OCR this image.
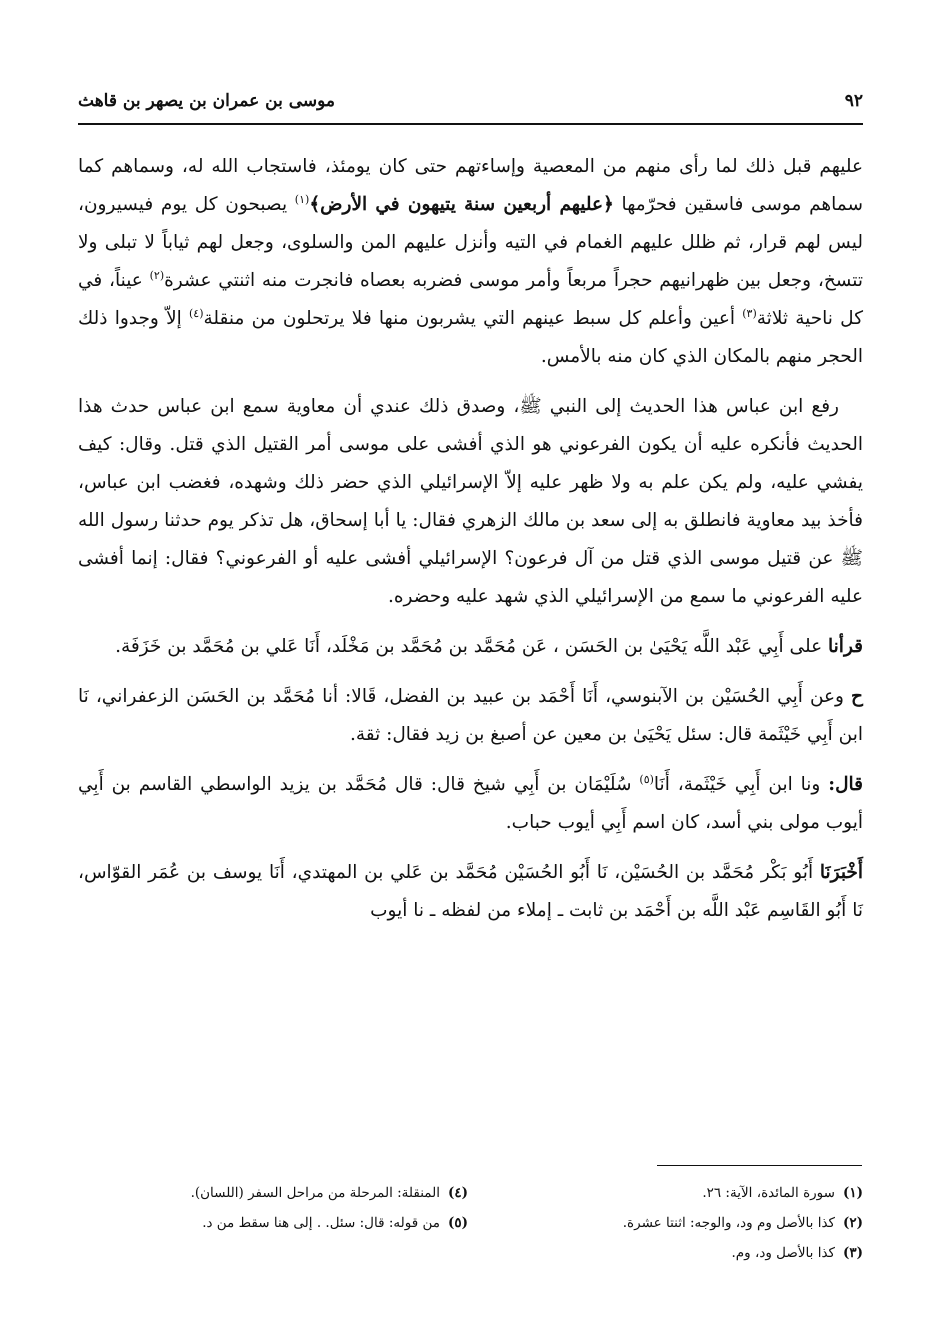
٩٢
موسى بن عمران بن يصهر بن قاهث

عليهم قبل ذلك لما رأى منهم من المعصية وإساءتهم حتى كان يومئذ، فاستجاب الله له، وسماهم كما سماهم موسى فاسقين فحرّمها ﴿عليهم أربعين سنة يتيهون في الأرض﴾$^{(١)}$ يصبحون كل يوم فيسيرون، ليس لهم قرار، ثم ظلل عليهم الغمام في التيه وأنزل عليهم المن والسلوى، وجعل لهم ثياباً لا تبلى ولا تتسخ، وجعل بين ظهرانيهم حجراً مربعاً وأمر موسى فضربه بعصاه فانجرت منه اثنتي عشرة$^{(٢)}$ عيناً، في كل ناحية ثلاثة$^{(٣)}$ أعين وأعلم كل سبط عينهم التي يشربون منها فلا يرتحلون من منقلة$^{(٤)}$ إلاّ وجدوا ذلك الحجر منهم بالمكان الذي كان منه بالأمس.

رفع ابن عباس هذا الحديث إلى النبي ﷺ، وصدق ذلك عندي أن معاوية سمع ابن عباس حدث هذا الحديث فأنكره عليه أن يكون الفرعوني هو الذي أفشى على موسى أمر القتيل الذي قتل. وقال: كيف يفشي عليه، ولم يكن علم به ولا ظهر عليه إلاّ الإسرائيلي الذي حضر ذلك وشهده، فغضب ابن عباس، فأخذ بيد معاوية فانطلق به إلى سعد بن مالك الزهري فقال: يا أبا إسحاق، هل تذكر يوم حدثنا رسول الله ﷺ عن قتيل موسى الذي قتل من آل فرعون؟ الإسرائيلي أفشى عليه أو الفرعوني؟ فقال: إنما أفشى عليه الفرعوني ما سمع من الإسرائيلي الذي شهد عليه وحضره.

قرأنا على أَبِي عَبْد اللَّه يَحْيَىٰ بن الحَسَن ، عَن مُحَمَّد بن مُحَمَّد بن مَخْلَد، أَنَا عَلي بن مُحَمَّد بن خَزَفَة.

ح وعن أَبِي الحُسَيْن بن الآبنوسي، أَنَا أَحْمَد بن عبيد بن الفضل، قَالا: أنا مُحَمَّد بن الحَسَن الزعفراني، نَا ابن أَبِي خَيْثَمة قال: سئل يَحْيَىٰ بن معين عن أصبغ بن زيد فقال: ثقة.

قال: ونا ابن أَبِي خَيْثَمة، أَنَا$^{(٥)}$ سُلَيْمَان بن أَبِي شيخ قال: قال مُحَمَّد بن يزيد الواسطي القاسم بن أَبِي أيوب مولى بني أسد، كان اسم أَبِي أيوب حباب.

أَخْبَرَنَا أَبُو بَكْر مُحَمَّد بن الحُسَيْن، نَا أَبُو الحُسَيْن مُحَمَّد بن عَلي بن المهتدي، أَنَا يوسف بن عُمَر القوّاس، نَا أَبُو القَاسِم عَبْد اللَّه بن أَحْمَد بن ثابت ـ إملاء من لفظه ـ نا أيوب

(١)سورة المائدة، الآية: ٢٦.
(٢)كذا بالأصل وم ود، والوجه: اثنتا عشرة.
(٣)كذا بالأصل ود، وم.
(٤)المنقلة: المرحلة من مراحل السفر (اللسان).
(٥)من قوله: قال: سئل. . إلى هنا سقط من د.
